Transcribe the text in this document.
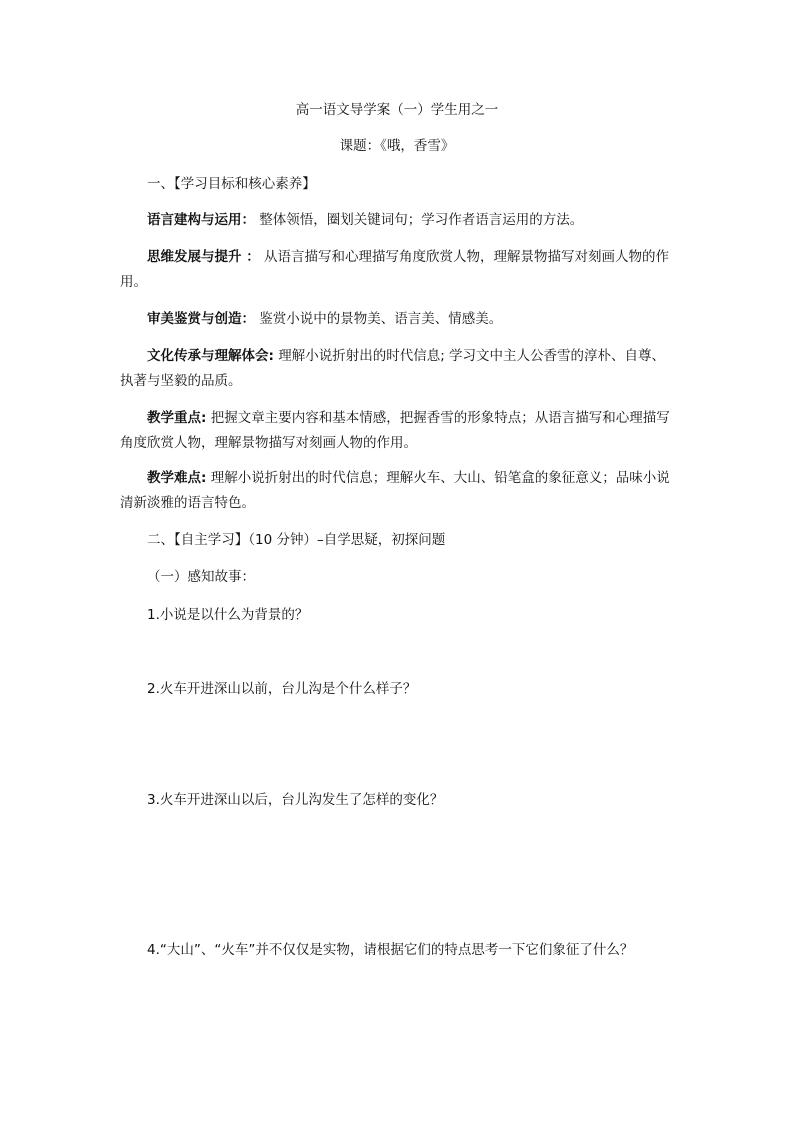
高一语文导学案（一）学生用之一
课题：《哦，香雪》
一、【学习目标和核心素养】
语言建构与运用： 整体领悟，圈划关键词句；学习作者语言运用的方法。
思维发展与提升 ： 从语言描写和心理描写角度欣赏人物，理解景物描写对刻画人物的作用。
审美鉴赏与创造： 鉴赏小说中的景物美、语言美、情感美。
文化传承与理解体会: 理解小说折射出的时代信息; 学习文中主人公香雪的淳朴、自尊、执著与坚毅的品质。
教学重点: 把握文章主要内容和基本情感，把握香雪的形象特点；从语言描写和心理描写角度欣赏人物，理解景物描写对刻画人物的作用。
教学难点: 理解小说折射出的时代信息；理解火车、大山、铅笔盒的象征意义；品味小说清新淡雅的语言特色。
二、【自主学习】（10 分钟）–自学思疑，初探问题
（一）感知故事：
1.小说是以什么为背景的？
2.火车开进深山以前，台儿沟是个什么样子？
3.火车开进深山以后，台儿沟发生了怎样的变化？
4.“大山”、“火车”并不仅仅是实物，请根据它们的特点思考一下它们象征了什么？
